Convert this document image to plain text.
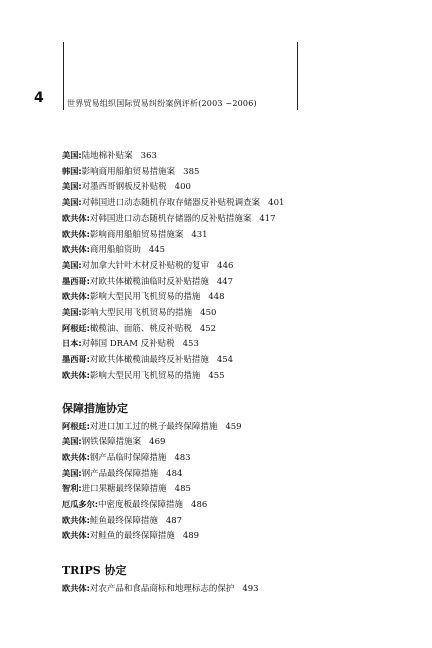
4	世界贸易组织国际贸易纠纷案例评析(2003 ~2006)
美国:陆地棉补贴案 363
韩国:影响商用船舶贸易措施案 385
美国:对墨西哥钢板反补贴税 400
美国:对韩国进口动态随机存取存储器反补贴税调查案 401
欧共体:对韩国进口动态随机存储器的反补贴措施案 417
欧共体:影响商用船舶贸易措施案 431
欧共体:商用船舶资助 445
美国:对加拿大针叶木材反补贴税的复审 446
墨西哥:对欧共体橄榄油临时反补贴措施 447
欧共体:影响大型民用飞机贸易的措施 448
美国:影响大型民用飞机贸易的措施 450
阿根廷:橄榄油、面筋、桃反补贴税 452
日本:对韩国 DRAM 反补贴税 453
墨西哥:对欧共体橄榄油最终反补贴措施 454
欧共体:影响大型民用飞机贸易的措施 455
保障措施协定
阿根廷:对进口加工过的桃子最终保障措施 459
美国:钢铁保障措施案 469
欧共体:钢产品临时保障措施 483
美国:钢产品最终保障措施 484
智利:进口果糖最终保障措施 485
厄瓜多尔:中密度板最终保障措施 486
欧共体:鲑鱼最终保障措施 487
欧共体:对鲑鱼的最终保障措施 489
TRIPS 协定
欧共体:对农产品和食品商标和地理标志的保护 493
